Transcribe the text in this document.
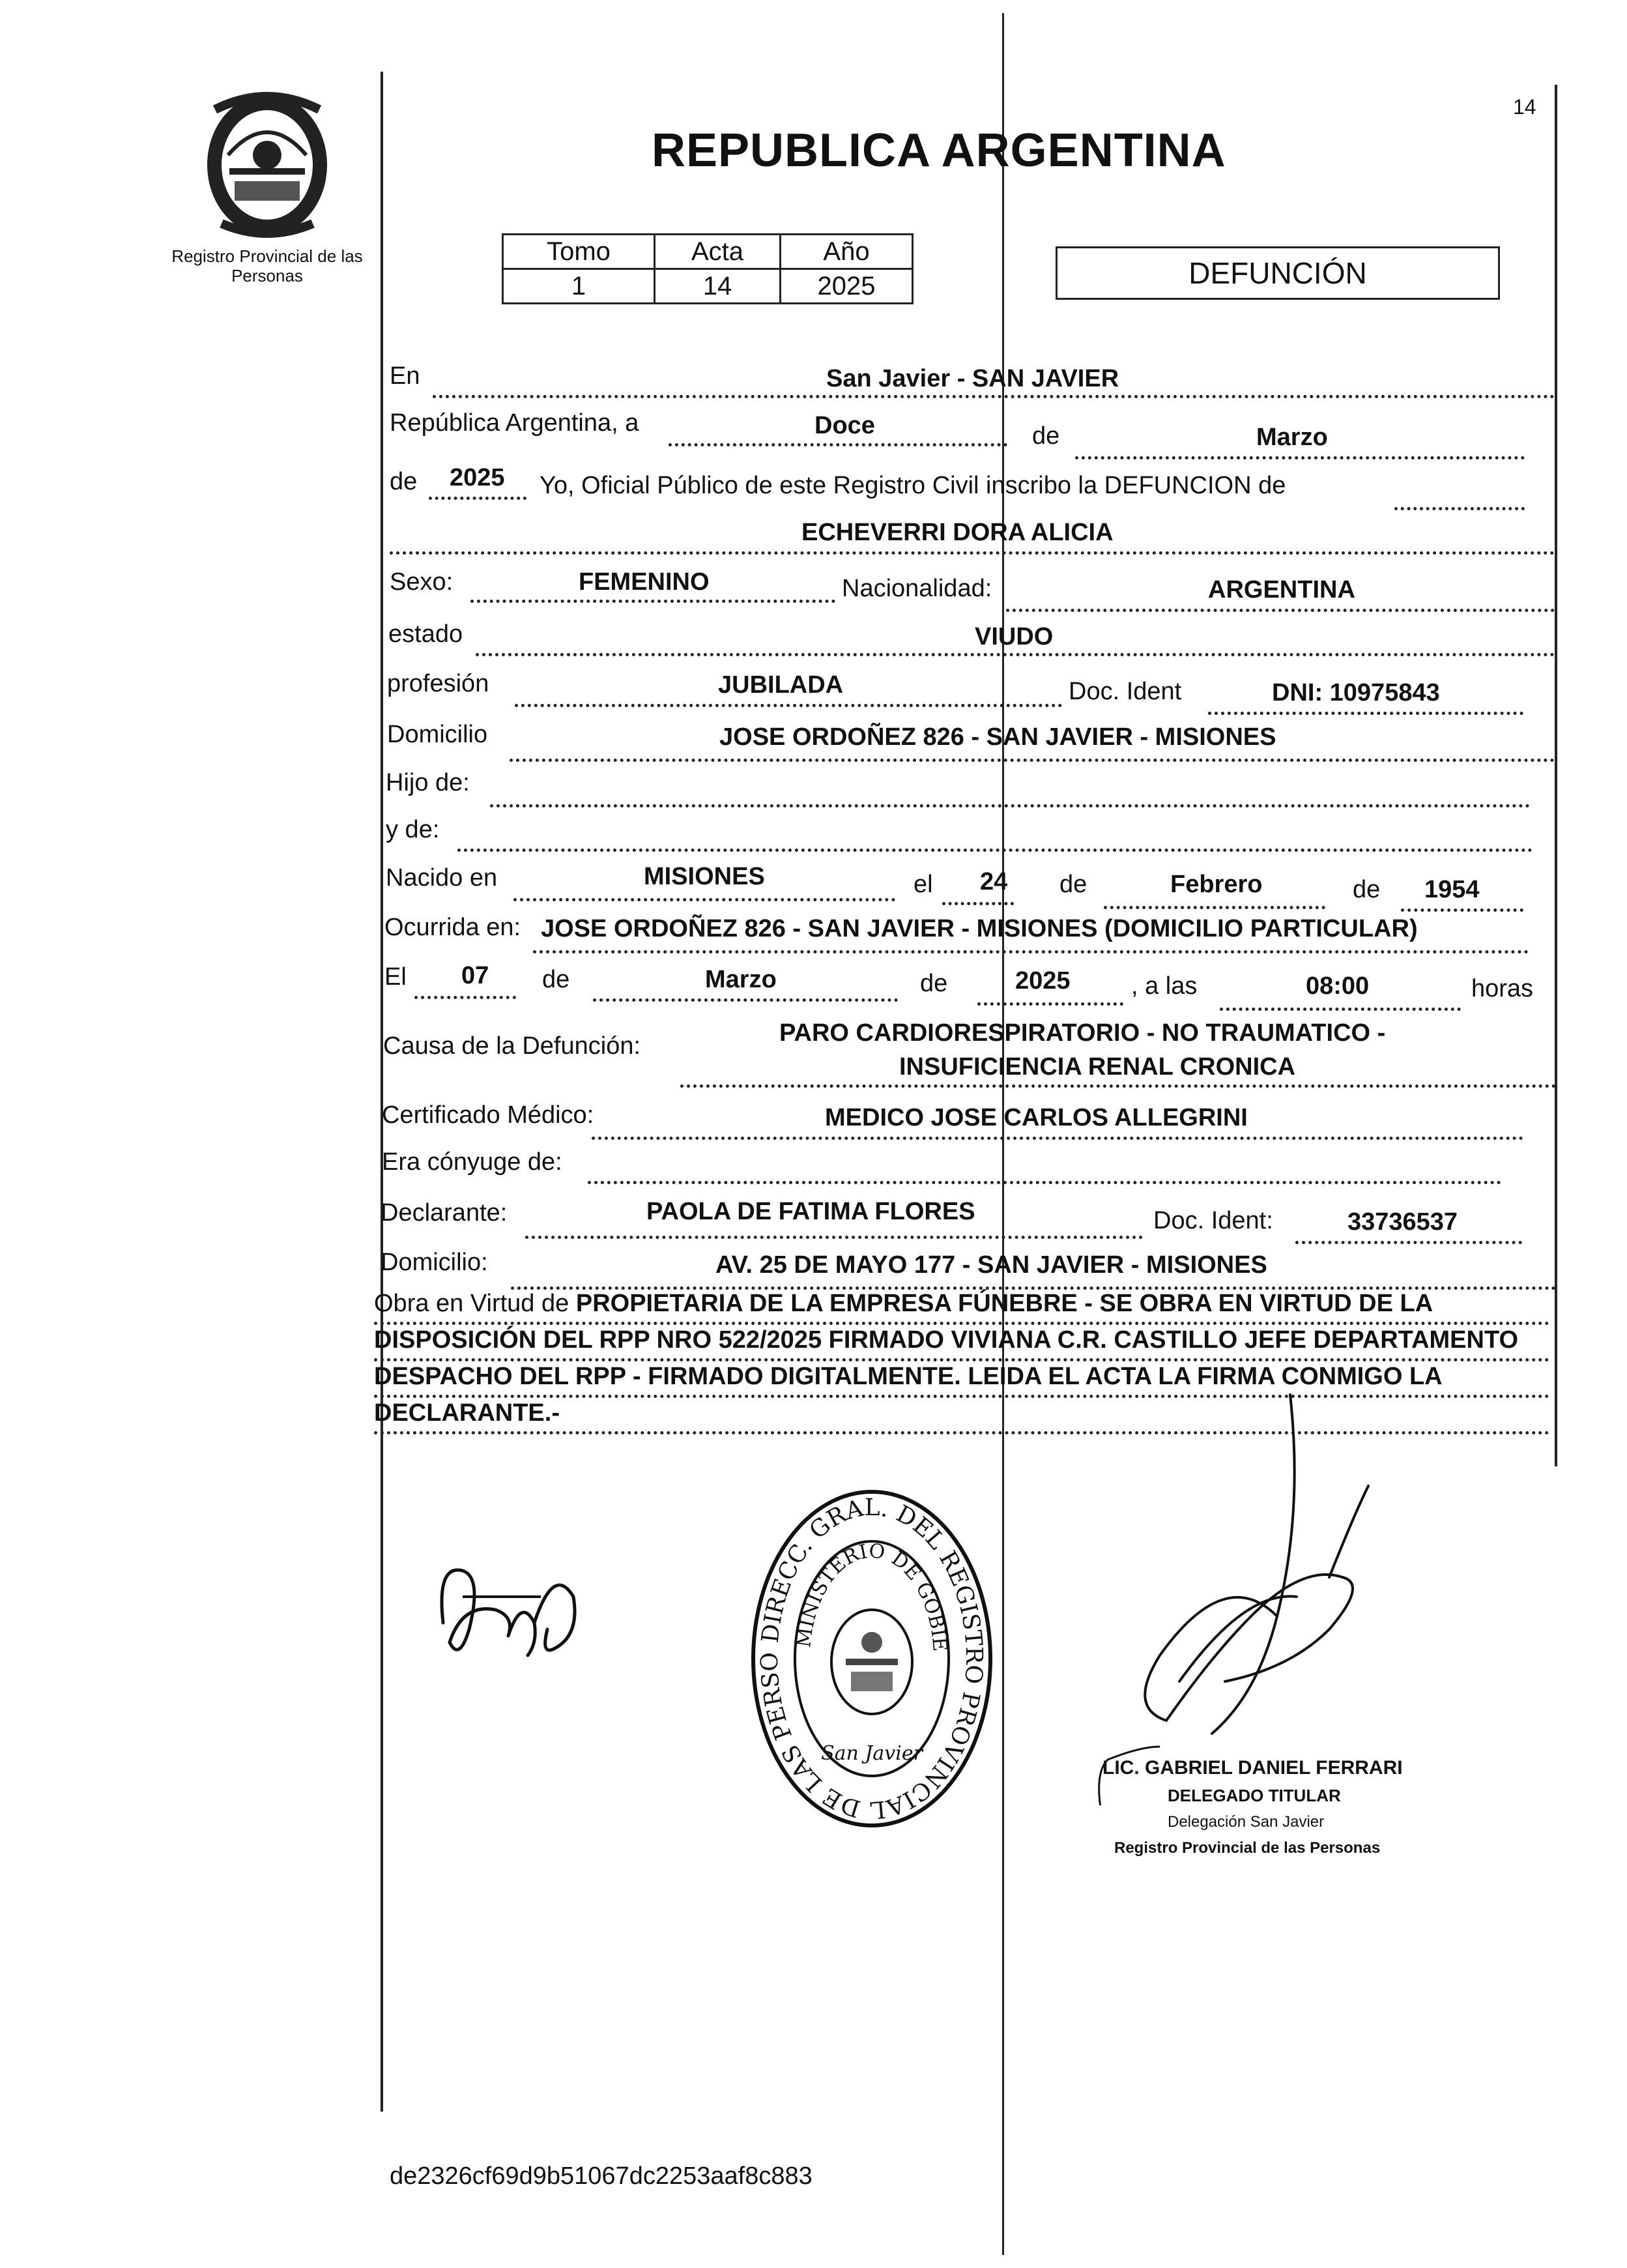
Registro Provincial de las Personas
14
REPUBLICA ARGENTINA
Tomo	Acta	Año
1	14	2025	DEFUNCIÓN
En	San Javier - SAN JAVIER
República Argentina, a	Doce	de	Marzo
de 2025 Yo, Oficial Público de este Registro Civil inscribo la DEFUNCION de
ECHEVERRI DORA ALICIA
Sexo:	FEMENINO	Nacionalidad:	ARGENTINA
estado	VIUDO
profesión	JUBILADA	Doc. Ident	DNI: 10975843
Domicilio	JOSE ORDOÑEZ 826 - SAN JAVIER - MISIONES
Hijo de:
y de:
Nacido en	MISIONES	el 24 de	Febrero	de 1954
Ocurrida en: JOSE ORDOÑEZ 826 - SAN JAVIER - MISIONES (DOMICILIO PARTICULAR)
El 07 de	Marzo	de	2025 , a las	08:00	horas
Causa de la Defunción:	PARO CARDIORESPIRATORIO - NO TRAUMATICO -
INSUFICIENCIA RENAL CRONICA
Certificado Médico:	MEDICO JOSE CARLOS ALLEGRINI
Era cónyuge de:
Declarante:	PAOLA DE FATIMA FLORES	Doc. Ident:	33736537
Domicilio:	AV. 25 DE MAYO 177 - SAN JAVIER - MISIONES
Obra en Virtud de PROPIETARIA DE LA EMPRESA FÚNEBRE - SE OBRA EN VIRTUD DE LA DISPOSICIÓN DEL RPP NRO 522/2025 FIRMADO VIVIANA C.R. CASTILLO JEFE DEPARTAMENTO DESPACHO DEL RPP - FIRMADO DIGITALMENTE. LEIDA EL ACTA LA FIRMA CONMIGO LA DECLARANTE.-
DIRECC. GRAL. DEL REGISTRO PROVINCIAL DE LAS PERSO
MINISTERIO DE GOBIE
San Javier
LIC. GABRIEL DANIEL FERRARI
DELEGADO TITULAR
Delegación San Javier
Registro Provincial de las Personas
de2326cf69d9b51067dc2253aaf8c883
